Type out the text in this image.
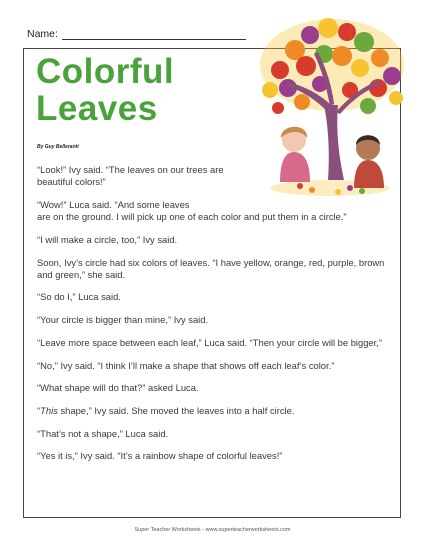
Name:
Colorful
Leaves
By Guy Belleranti

“Look!” Ivy said. “The leaves on our trees are beautiful colors!”

“Wow!” Luca said. “And some leaves
are on the ground. I will pick up one of each color and put them in a circle.”

“I will make a circle, too,” Ivy said.

Soon, Ivy’s circle had six colors of leaves. “I have yellow, orange, red, purple, brown and green,” she said.

“So do I,” Luca said.

“Your circle is bigger than mine,” Ivy said.

“Leave more space between each leaf,” Luca said. “Then your circle will be bigger,”

“No,” Ivy said. “I think I’ll make a shape that shows off each leaf’s color.”

“What shape will do that?” asked Luca.

“This shape,” Ivy said. She moved the leaves into a half circle.

“That’s not a shape,” Luca said.

“Yes it is,” Ivy said. “It’s a rainbow shape of colorful leaves!”

Super Teacher Worksheets - www.superteacherworksheets.com
